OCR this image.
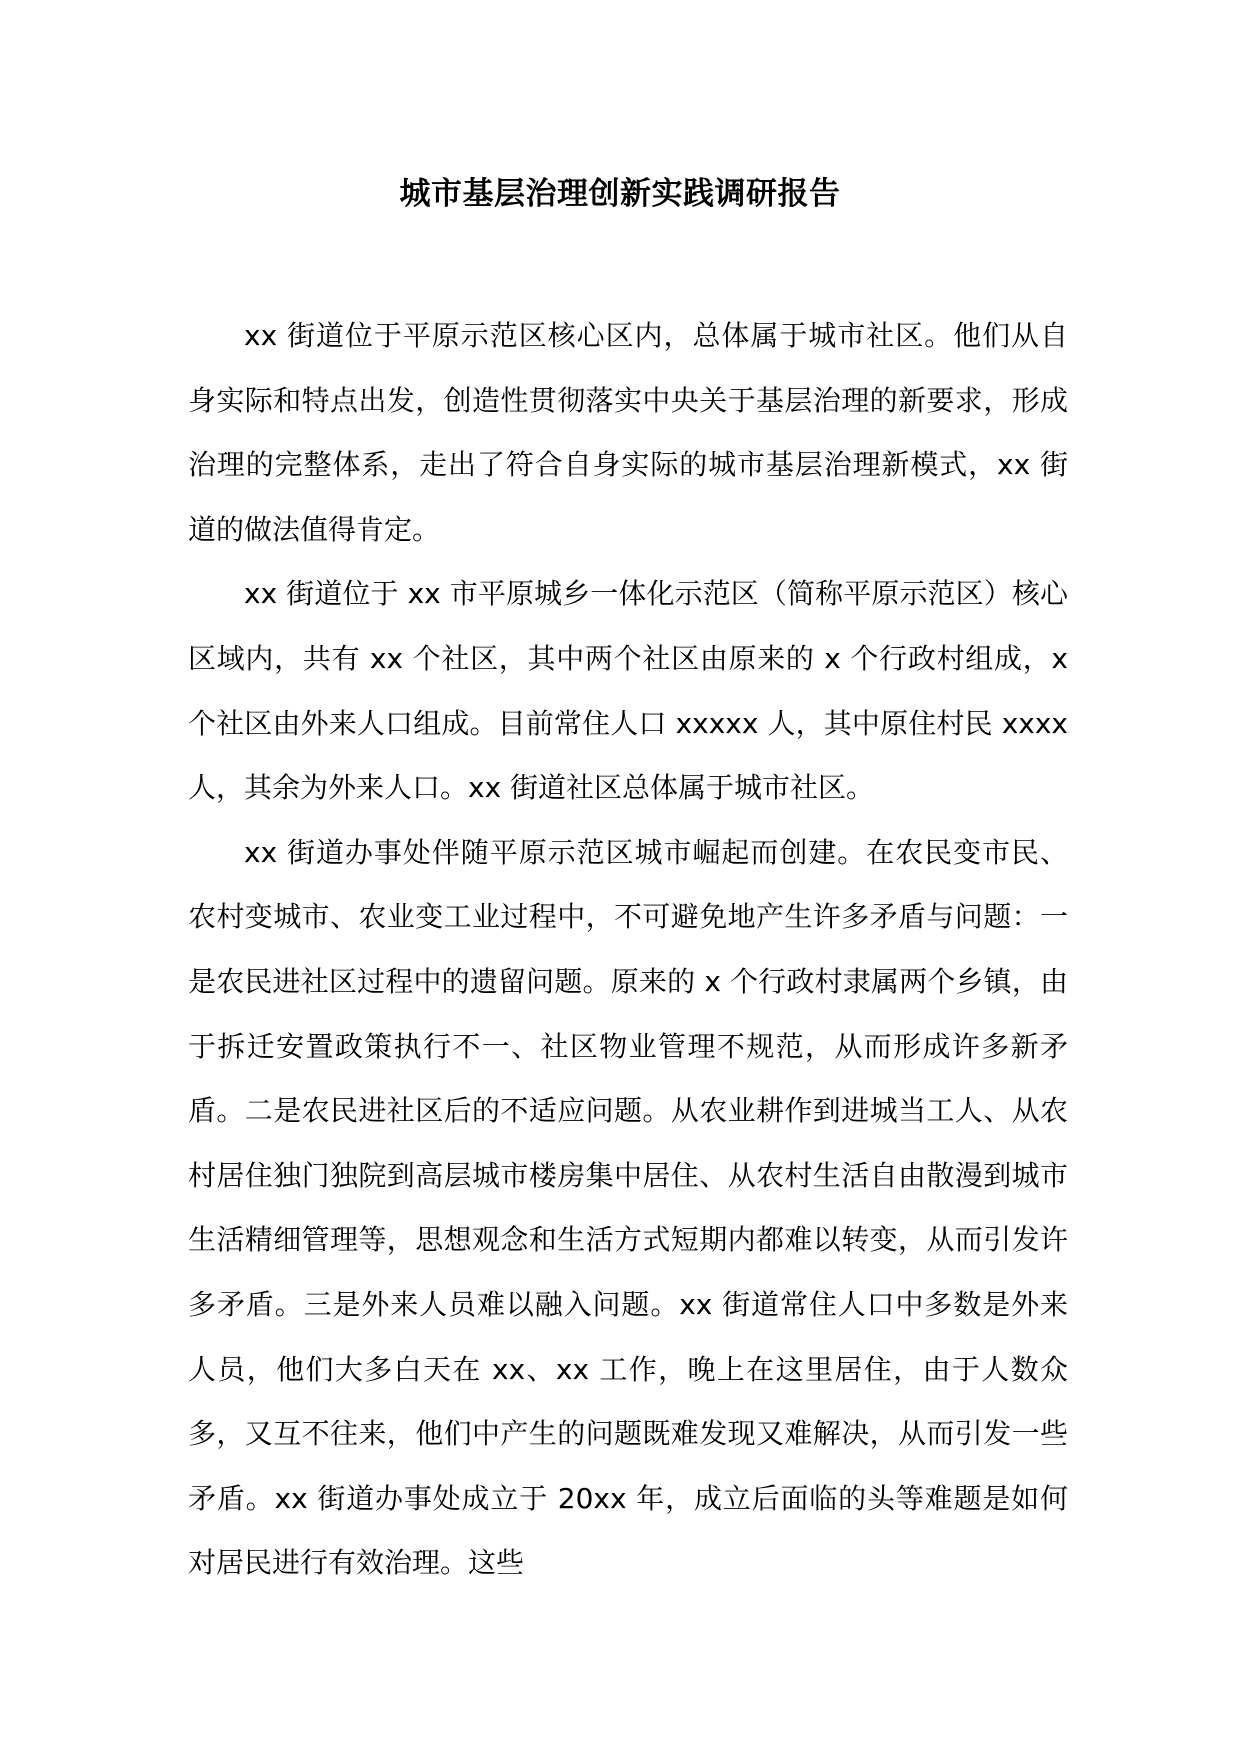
城市基层治理创新实践调研报告

xx 街道位于平原示范区核心区内，总体属于城市社区。他们从自身实际和特点出发，创造性贯彻落实中央关于基层治理的新要求，形成治理的完整体系，走出了符合自身实际的城市基层治理新模式，xx 街道的做法值得肯定。

xx 街道位于 xx 市平原城乡一体化示范区（简称平原示范区）核心区域内，共有 xx 个社区，其中两个社区由原来的 x 个行政村组成，x 个社区由外来人口组成。目前常住人口 xxxxx 人，其中原住村民 xxxx 人，其余为外来人口。xx 街道社区总体属于城市社区。

xx 街道办事处伴随平原示范区城市崛起而创建。在农民变市民、农村变城市、农业变工业过程中，不可避免地产生许多矛盾与问题：一是农民进社区过程中的遗留问题。原来的 x 个行政村隶属两个乡镇，由于拆迁安置政策执行不一、社区物业管理不规范，从而形成许多新矛盾。二是农民进社区后的不适应问题。从农业耕作到进城当工人、从农村居住独门独院到高层城市楼房集中居住、从农村生活自由散漫到城市生活精细管理等，思想观念和生活方式短期内都难以转变，从而引发许多矛盾。三是外来人员难以融入问题。xx 街道常住人口中多数是外来人员，他们大多白天在 xx、xx 工作，晚上在这里居住，由于人数众多，又互不往来，他们中产生的问题既难发现又难解决，从而引发一些矛盾。xx 街道办事处成立于 20xx 年，成立后面临的头等难题是如何对居民进行有效治理。这些
